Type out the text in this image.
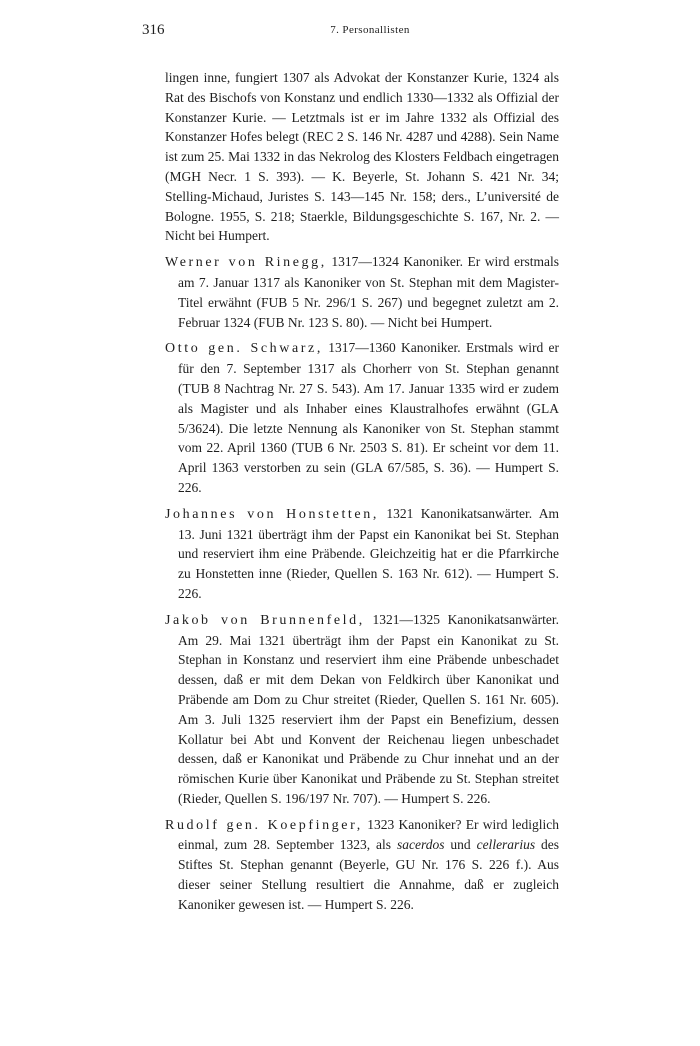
316	7. Personallisten

lingen inne, fungiert 1307 als Advokat der Konstanzer Kurie, 1324 als Rat des Bischofs von Konstanz und endlich 1330—1332 als Offizial der Konstanzer Kurie. — Letztmals ist er im Jahre 1332 als Offizial des Konstanzer Hofes belegt (REC 2 S. 146 Nr. 4287 und 4288). Sein Name ist zum 25. Mai 1332 in das Nekrolog des Klosters Feldbach eingetragen (MGH Necr. 1 S. 393). — K. Beyerle, St. Johann S. 421 Nr. 34; Stelling-Michaud, Juristes S. 143—145 Nr. 158; ders., L’université de Bologne. 1955, S. 218; Staerkle, Bildungsgeschichte S. 167, Nr. 2. — Nicht bei Humpert.

Werner von Rinegg, 1317—1324 Kanoniker. Er wird erstmals am 7. Januar 1317 als Kanoniker von St. Stephan mit dem Magister-Titel erwähnt (FUB 5 Nr. 296/1 S. 267) und begegnet zuletzt am 2. Februar 1324 (FUB Nr. 123 S. 80). — Nicht bei Humpert.

Otto gen. Schwarz, 1317—1360 Kanoniker. Erstmals wird er für den 7. September 1317 als Chorherr von St. Stephan genannt (TUB 8 Nachtrag Nr. 27 S. 543). Am 17. Januar 1335 wird er zudem als Magister und als Inhaber eines Klaustralhofes erwähnt (GLA 5/3624). Die letzte Nennung als Kanoniker von St. Stephan stammt vom 22. April 1360 (TUB 6 Nr. 2503 S. 81). Er scheint vor dem 11. April 1363 verstorben zu sein (GLA 67/585, S. 36). — Humpert S. 226.

Johannes von Honstetten, 1321 Kanonikatsanwärter. Am 13. Juni 1321 überträgt ihm der Papst ein Kanonikat bei St. Stephan und reserviert ihm eine Präbende. Gleichzeitig hat er die Pfarrkirche zu Honstetten inne (Rieder, Quellen S. 163 Nr. 612). — Humpert S. 226.

Jakob von Brunnenfeld, 1321—1325 Kanonikatsanwärter. Am 29. Mai 1321 überträgt ihm der Papst ein Kanonikat zu St. Stephan in Konstanz und reserviert ihm eine Präbende unbeschadet dessen, daß er mit dem Dekan von Feldkirch über Kanonikat und Präbende am Dom zu Chur streitet (Rieder, Quellen S. 161 Nr. 605). Am 3. Juli 1325 reserviert ihm der Papst ein Benefizium, dessen Kollatur bei Abt und Konvent der Reichenau liegen unbeschadet dessen, daß er Kanonikat und Präbende zu Chur innehat und an der römischen Kurie über Kanonikat und Präbende zu St. Stephan streitet (Rieder, Quellen S. 196/197 Nr. 707). — Humpert S. 226.

Rudolf gen. Koepfinger, 1323 Kanoniker? Er wird lediglich einmal, zum 28. September 1323, als sacerdos und cellerarius des Stiftes St. Stephan genannt (Beyerle, GU Nr. 176 S. 226 f.). Aus dieser seiner Stellung resultiert die Annahme, daß er zugleich Kanoniker gewesen ist. — Humpert S. 226.
